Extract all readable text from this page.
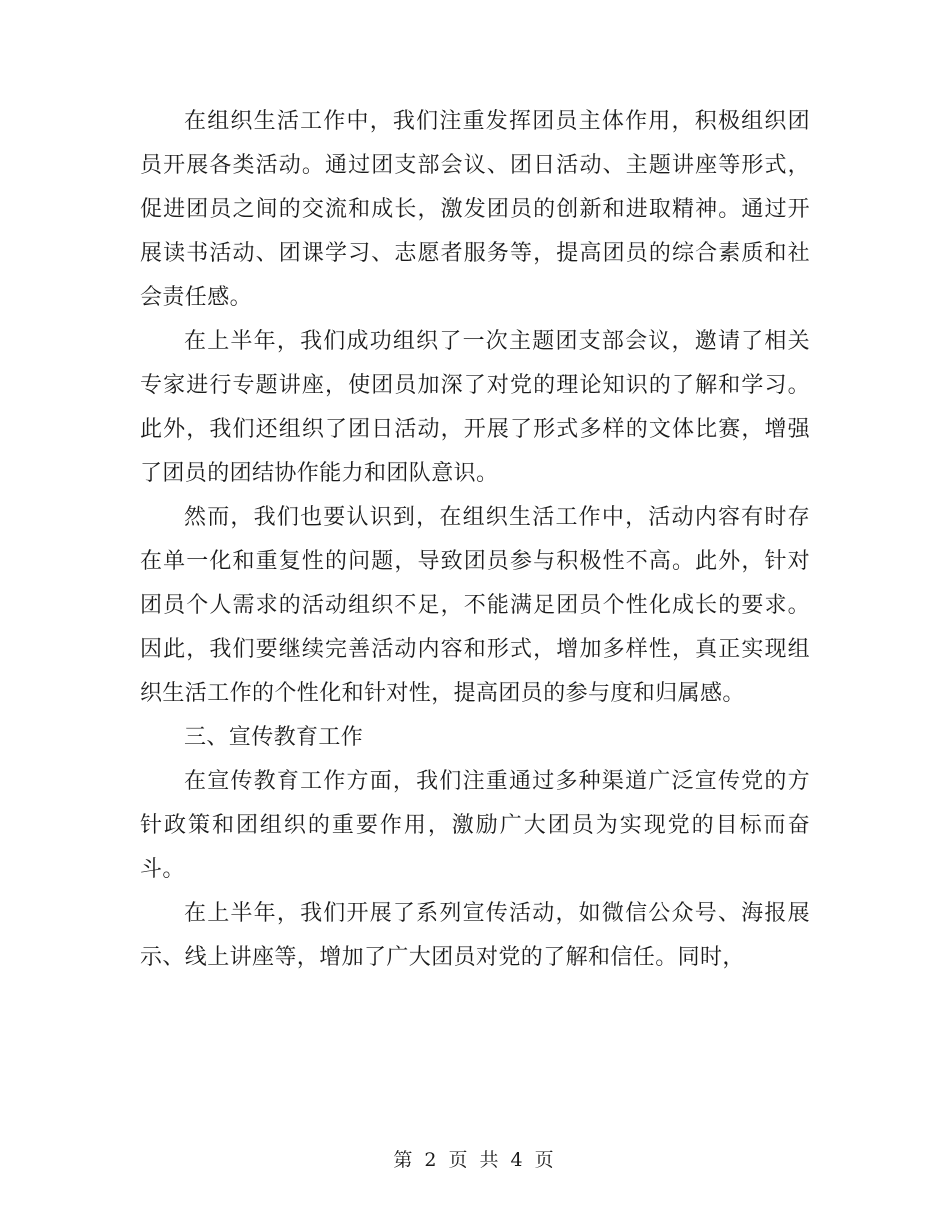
在组织生活工作中，我们注重发挥团员主体作用，积极组织团员开展各类活动。通过团支部会议、团日活动、主题讲座等形式，促进团员之间的交流和成长，激发团员的创新和进取精神。通过开展读书活动、团课学习、志愿者服务等，提高团员的综合素质和社会责任感。

在上半年，我们成功组织了一次主题团支部会议，邀请了相关专家进行专题讲座，使团员加深了对党的理论知识的了解和学习。此外，我们还组织了团日活动，开展了形式多样的文体比赛，增强了团员的团结协作能力和团队意识。

然而，我们也要认识到，在组织生活工作中，活动内容有时存在单一化和重复性的问题，导致团员参与积极性不高。此外，针对团员个人需求的活动组织不足，不能满足团员个性化成长的要求。因此，我们要继续完善活动内容和形式，增加多样性，真正实现组织生活工作的个性化和针对性，提高团员的参与度和归属感。

三、宣传教育工作

在宣传教育工作方面，我们注重通过多种渠道广泛宣传党的方针政策和团组织的重要作用，激励广大团员为实现党的目标而奋斗。

在上半年，我们开展了系列宣传活动，如微信公众号、海报展示、线上讲座等，增加了广大团员对党的了解和信任。同时，

第 2 页 共 4 页
